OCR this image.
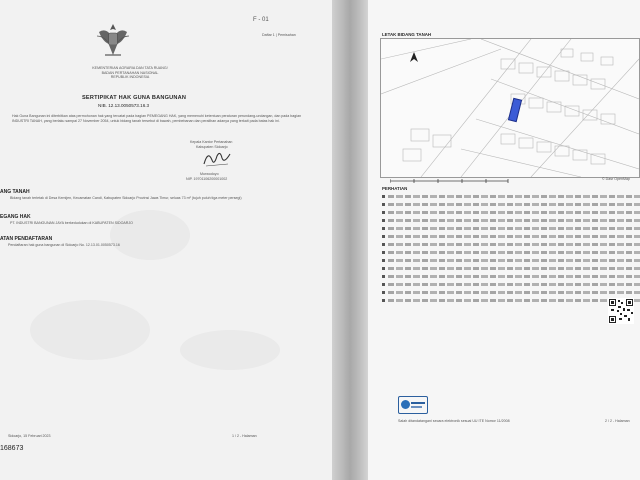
F - 01
Daftar 1 | Pemisahan
KEMENTERIAN AGRARIA DAN TATA RUANG/
BADAN PERTANAHAN NASIONAL
REPUBLIK INDONESIA
SERTIPIKAT HAK GUNA BANGUNAN
NIB. 12.13.0050573.16.3
Hak Guna Bangunan ini diterbitkan atas permohonan hak yang tercatat pada bagian PEMEGANG HAK, yang memenuhi ketentuan peraturan perundang-undangan, dan pada bagian INDUSTRI TANAH, yang berlaku sampai 27 November 2054, untuk bidang tanah tersebut di bawah, pembebanan dan peralihan adanya yang terkait pada batas hak ini.
Kepala Kantor Pertanahan
Kabupaten Sidoarjo
Murwodoyo
NIP. 19701106200001002
ANG TANAH
Bidang tanah terletak di Desa Kemijen, Kecamatan Candi, Kabupaten Sidoarjo Provinsi Jawa Timur, seluas 73 m² (tujuh puluh tiga meter persegi)
EGANG HAK
PT. INDUSTRI BANGUNAN JAYA berkedudukan di KABUPATEN SIDOARJO
ATAN PENDAFTARAN
Pendaftaran hak guna bangunan di Sidoarjo No. 12.13.01.0050573.16
Sidoarjo, 15 Februari 2023	1 / 2 - Halaman
168673
LETAK BIDANG TANAH
© Dasr OpenMap
PERHATIAN
Salah ditandatangani secara elektronik sesuai UU ITE Nomor 11/2008	2 / 2 - Halaman
